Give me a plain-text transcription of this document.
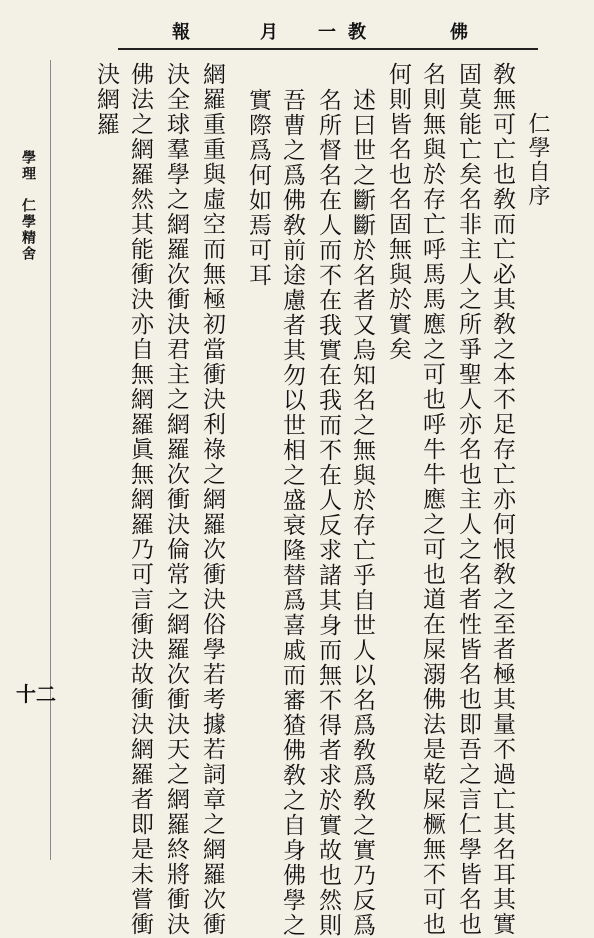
報	月 一 教	佛
學理　仁學精舍
十二
仁學自序
敎無可亡也敎而亡必其敎之本不足存亡亦何恨敎之至者極其量不過亡其名耳其實
固莫能亡矣名非主人之所爭聖人亦名也主人之名者性皆名也即吾之言仁學皆名也
名則無與於存亡呼馬馬應之可也呼牛牛應之可也道在屎溺佛法是乾屎橛無不可也
何則皆名也名固無與於實矣
述曰世之斷斷於名者又烏知名之無與於存亡乎自世人以名爲敎爲敎之實乃反爲
名所督名在人而不在我實在我而不在人反求諸其身而無不得者求於實故也然則
吾曹之爲佛敎前途慮者其勿以世相之盛衰隆替爲喜戚而審猹佛敎之自身佛學之
實際爲何如焉可耳
網羅重重與虛空而無極初當衝決利祿之網羅次衝決俗學若考據若詞章之網羅次衝
決全球羣學之網羅次衝決君主之網羅次衝決倫常之網羅次衝決天之網羅終將衝決
佛法之網羅然其能衝決亦自無網羅眞無網羅乃可言衝決故衝決網羅者即是未嘗衝
決網羅
